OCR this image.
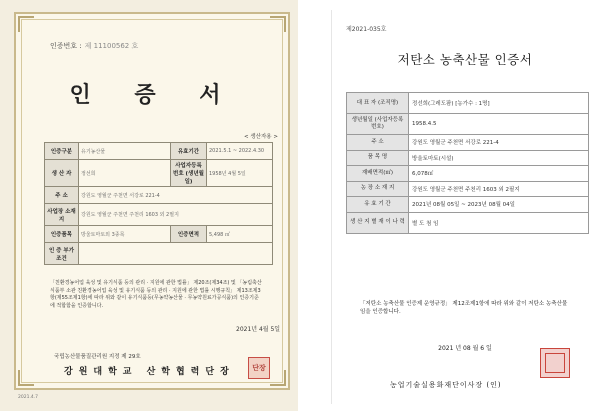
인증번호 : 제 11100562 호
인 증 서
< 생산자용 >
인증구분	유기농산물	유효기간	2021.5.1 ~ 2022.4.30
생 산 자	정선희	사업자등록번호 (생년월일)	1958년 4월 5일
주 소	강원도 영월군 주천면 서강로 221-4		
사업장 소재지	강원도 영월군 주천면 주천리 1603 외 2필지		
인증품목	방울토마토외 3종목	인증면적	5,498 ㎡
인 증 부가조건			
「친환경농어업 육성 및 유기식품 등의 관리 · 지원에 관한 법률」 제20조(제34조) 및 「농림축산식품부 소관 친환경농어업 육성 및 유기식품 등의 관리 · 지원에 관한 법률 시행규칙」 제13조제3항(제55조제1항)에 따라 위와 같이 유기식품등(무농약농산물 · 무농약원료가공식품)의 인증기준에 적합함을 인증합니다.
2021년 4월 5일
국립농산물품질관리원 지정 제 29호
강원대학교 산학협력단장	단장
2021.4.7
제2021-035호
저탄소 농축산물 인증서
대 표 자 (조직명)	정선희(그레도팜) [농가수 : 1명]
생년월일 (사업자등록번호)	1958.4.5
주 소	강원도 영월군 주천면 서강로 221-4
품 목 명	방울토마토(시설)
재배면적(㎡)	6,078㎡
농 장 소 재 지	강원도 영월군 주천면 주천리 1603 외 2필지
유 효 기 간	2021년 08월 05일 ~ 2023년 08월 04일
생 산 지 별 재 이 나 력	별 도 첨 임
「저탄소 농축산물 인증제 운영규정」 제12조제1항에 따라 위와 같이 저탄소 농축산물임을 인증합니다.
2021 년 08 월 6 일
농업기술실용화재단이사장 (인)
